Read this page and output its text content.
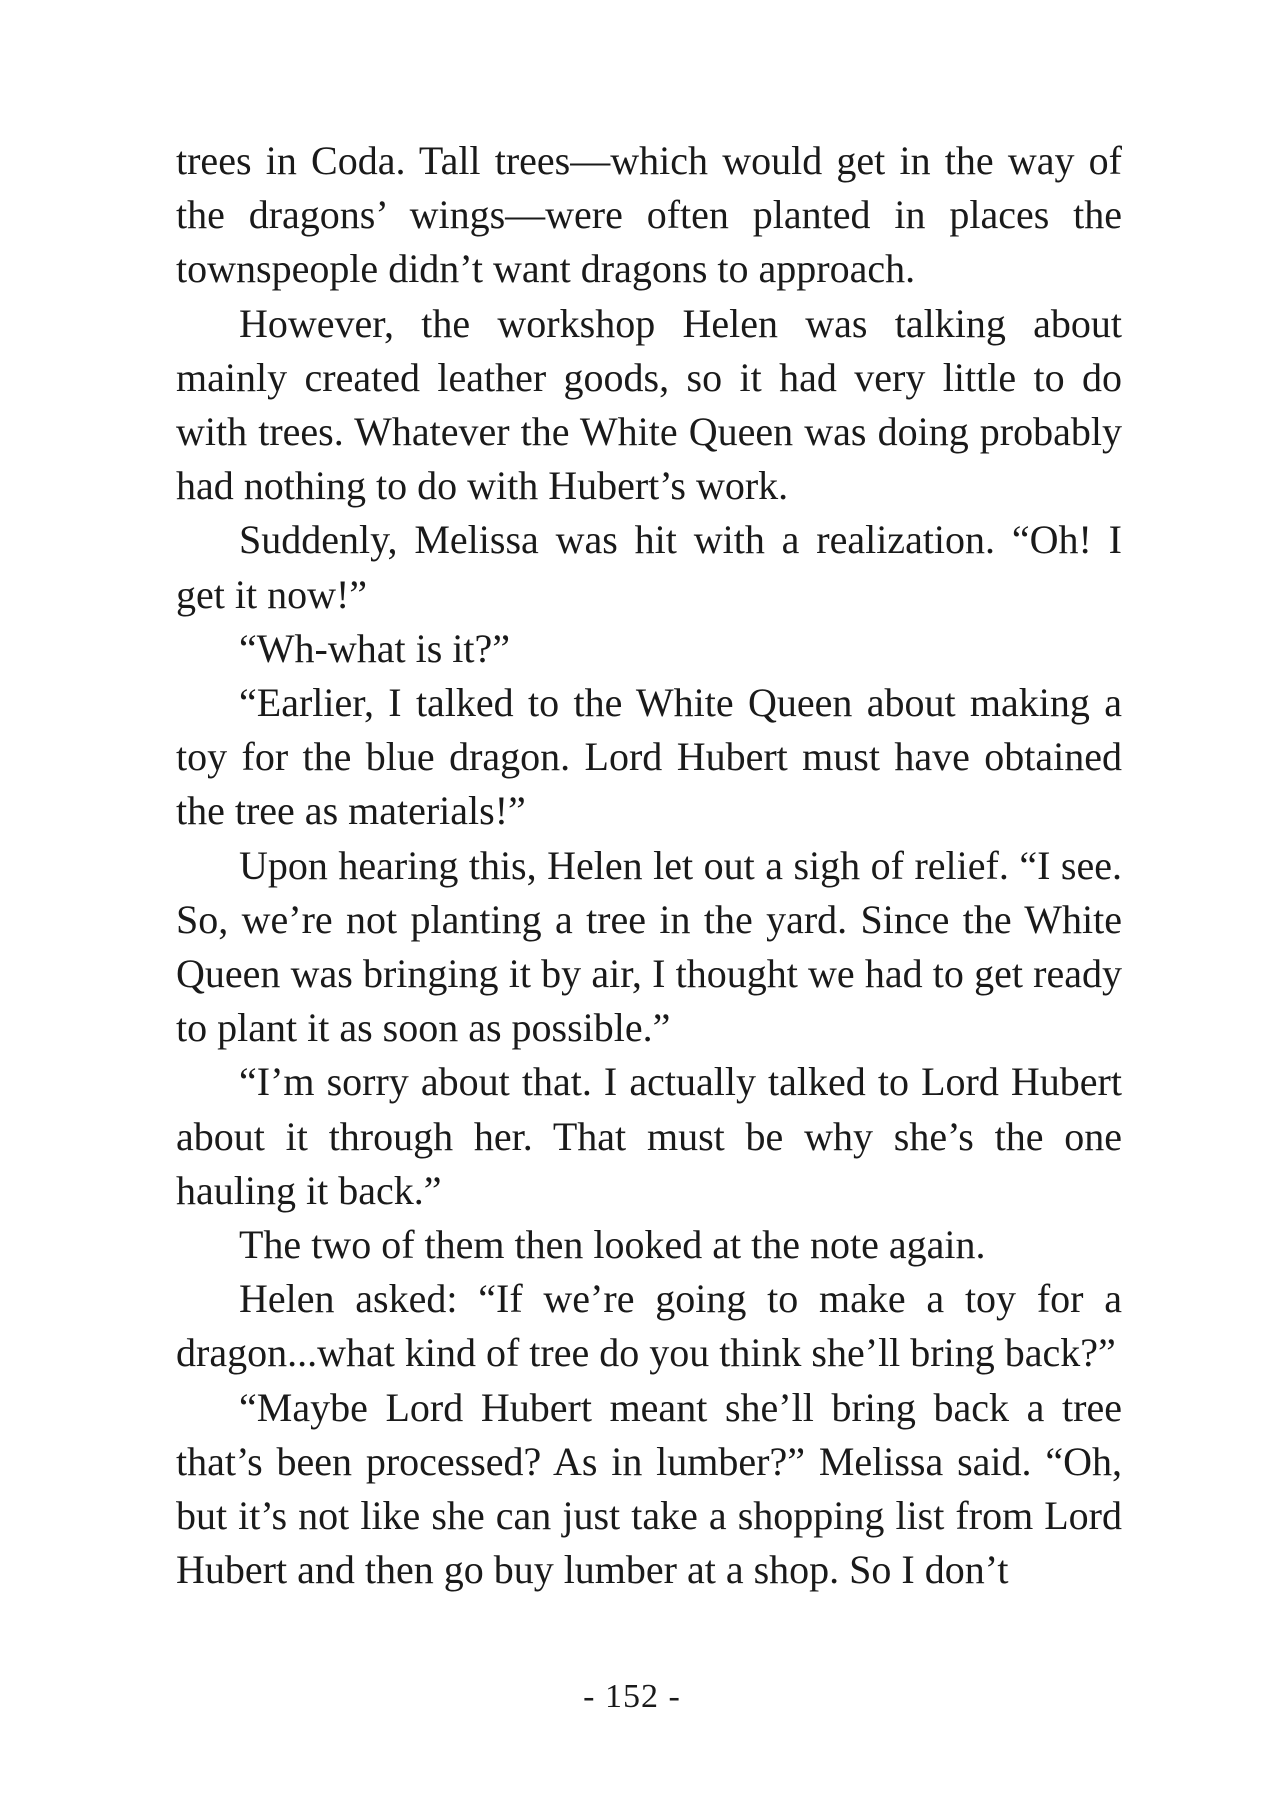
trees in Coda. Tall trees—which would get in the way of the dragons’ wings—were often planted in places the townspeople didn’t want dragons to approach.

However, the workshop Helen was talking about mainly created leather goods, so it had very little to do with trees. Whatever the White Queen was doing probably had nothing to do with Hubert’s work.

Suddenly, Melissa was hit with a realization. “Oh! I get it now!”

“Wh-what is it?”

“Earlier, I talked to the White Queen about making a toy for the blue dragon. Lord Hubert must have obtained the tree as materials!”

Upon hearing this, Helen let out a sigh of relief. “I see. So, we’re not planting a tree in the yard. Since the White Queen was bringing it by air, I thought we had to get ready to plant it as soon as possible.”

“I’m sorry about that. I actually talked to Lord Hubert about it through her. That must be why she’s the one hauling it back.”

The two of them then looked at the note again.

Helen asked: “If we’re going to make a toy for a dragon...what kind of tree do you think she’ll bring back?”

“Maybe Lord Hubert meant she’ll bring back a tree that’s been processed? As in lumber?” Melissa said. “Oh, but it’s not like she can just take a shopping list from Lord Hubert and then go buy lumber at a shop. So I don’t

- 152 -
